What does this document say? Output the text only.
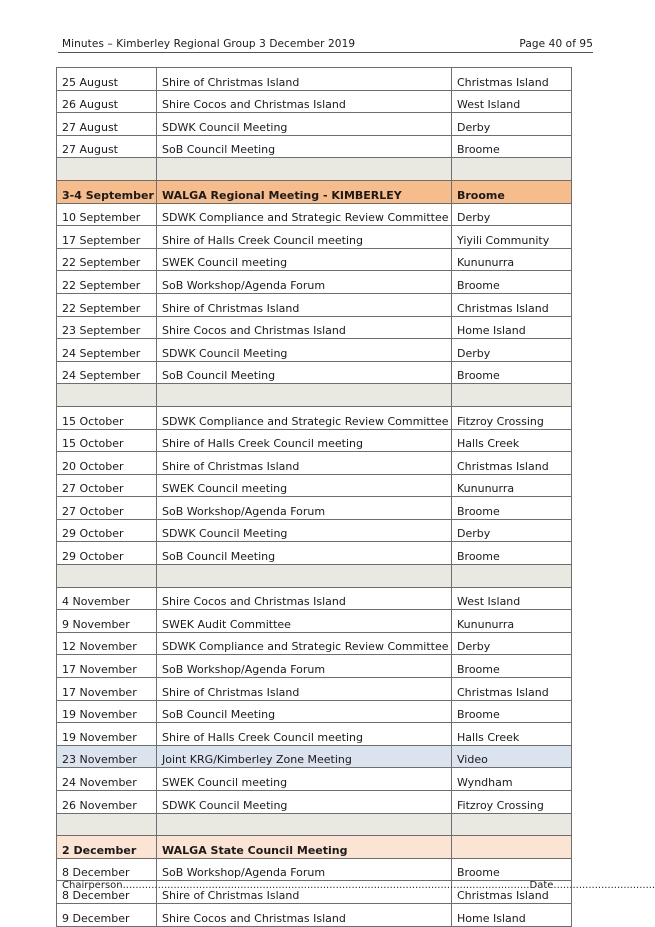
Minutes – Kimberley Regional Group 3 December 2019	Page 40 of 95
25 August	Shire of Christmas Island	Christmas Island
26 August	Shire Cocos and Christmas Island	West Island
27 August	SDWK Council Meeting	Derby
27 August	SoB Council Meeting	Broome

3-4 September	WALGA Regional Meeting - KIMBERLEY	Broome
10 September	SDWK Compliance and Strategic Review Committee	Derby
17 September	Shire of Halls Creek Council meeting	Yiyili Community
22 September	SWEK Council meeting	Kununurra
22 September	SoB Workshop/Agenda Forum	Broome
22 September	Shire of Christmas Island	Christmas Island
23 September	Shire Cocos and Christmas Island	Home Island
24 September	SDWK Council Meeting	Derby
24 September	SoB Council Meeting	Broome

15 October	SDWK Compliance and Strategic Review Committee	Fitzroy Crossing
15 October	Shire of Halls Creek Council meeting	Halls Creek
20 October	Shire of Christmas Island	Christmas Island
27 October	SWEK Council meeting	Kununurra
27 October	SoB Workshop/Agenda Forum	Broome
29 October	SDWK Council Meeting	Derby
29 October	SoB Council Meeting	Broome

4 November	Shire Cocos and Christmas Island	West Island
9 November	SWEK Audit Committee	Kununurra
12 November	SDWK Compliance and Strategic Review Committee	Derby
17 November	SoB Workshop/Agenda Forum	Broome
17 November	Shire of Christmas Island	Christmas Island
19 November	SoB Council Meeting	Broome
19 November	Shire of Halls Creek Council meeting	Halls Creek
23 November	Joint KRG/Kimberley Zone Meeting	Video
24 November	SWEK Council meeting	Wyndham
26 November	SDWK Council Meeting	Fitzroy Crossing

2 December	WALGA State Council Meeting	
8 December	SoB Workshop/Agenda Forum	Broome
8 December	Shire of Christmas Island	Christmas Island
9 December	Shire Cocos and Christmas Island	Home Island
Chairperson................................................................................................................................Date................................
